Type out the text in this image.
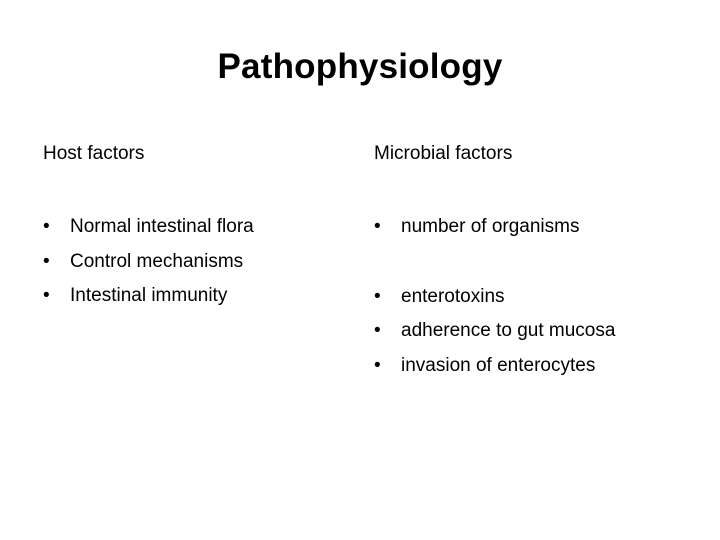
Pathophysiology
Host factors
•	Normal intestinal flora
•	Control mechanisms
•	Intestinal immunity
Microbial factors
•	number of organisms
•	enterotoxins
•	adherence to gut mucosa
•	invasion of enterocytes
